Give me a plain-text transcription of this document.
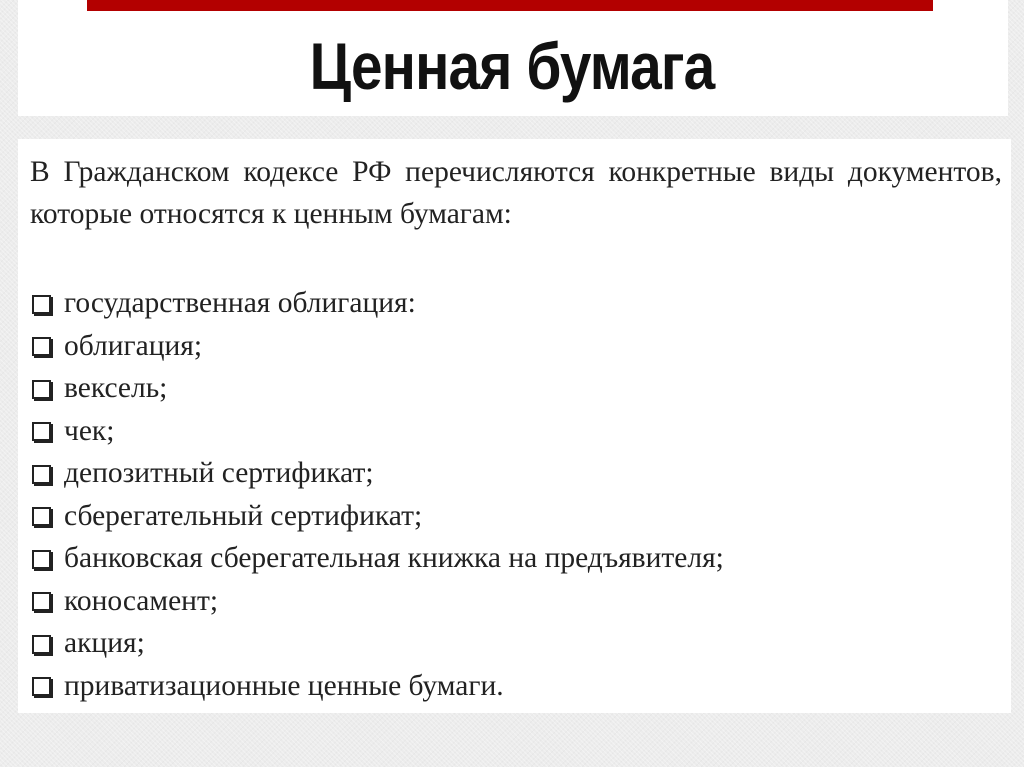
Ценная бумага

В Гражданском кодексе РФ перечисляются конкретные виды документов, которые относятся к ценным бумагам:

государственная облигация:
облигация;
вексель;
чек;
депозитный сертификат;
сберегательный сертификат;
банковская сберегательная книжка на предъявителя;
коносамент;
акция;
приватизационные ценные бумаги.
